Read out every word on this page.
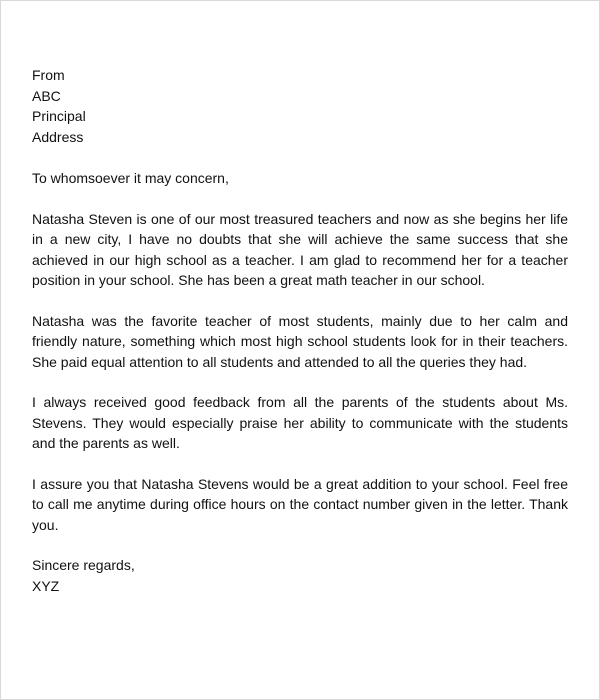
From
ABC
Principal
Address
To whomsoever it may concern,

Natasha Steven is one of our most treasured teachers and now as she begins her life in a new city, I have no doubts that she will achieve the same success that she achieved in our high school as a teacher. I am glad to recommend her for a teacher position in your school. She has been a great math teacher in our school.

Natasha was the favorite teacher of most students, mainly due to her calm and friendly nature, something which most high school students look for in their teachers. She paid equal attention to all students and attended to all the queries they had.

I always received good feedback from all the parents of the students about Ms. Stevens. They would especially praise her ability to communicate with the students and the parents as well.

I assure you that Natasha Stevens would be a great addition to your school. Feel free to call me anytime during office hours on the contact number given in the letter. Thank you.

Sincere regards,
XYZ
